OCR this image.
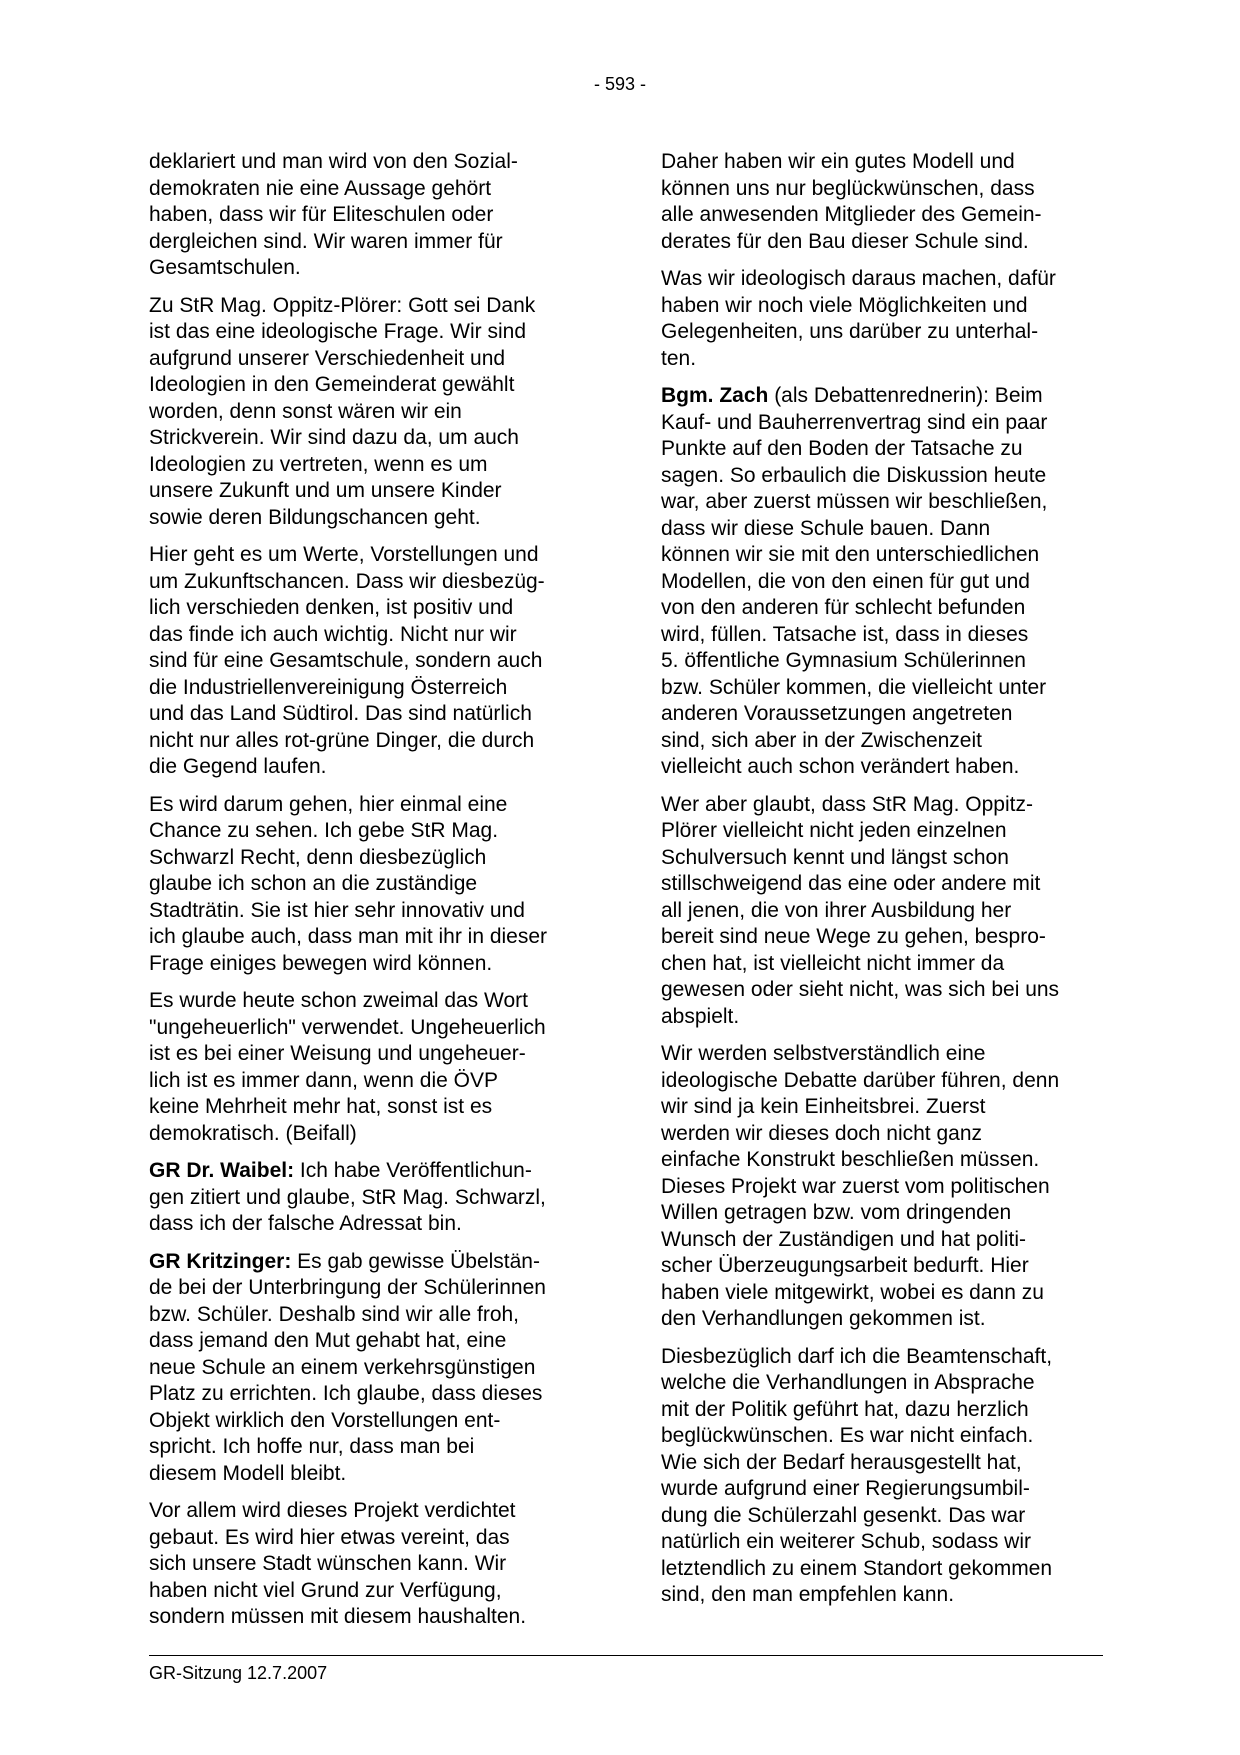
- 593 -

deklariert und man wird von den Sozial-
demokraten nie eine Aussage gehört
haben, dass wir für Eliteschulen oder
dergleichen sind. Wir waren immer für
Gesamtschulen.

Zu StR Mag. Oppitz-Plörer: Gott sei Dank
ist das eine ideologische Frage. Wir sind
aufgrund unserer Verschiedenheit und
Ideologien in den Gemeinderat gewählt
worden, denn sonst wären wir ein
Strickverein. Wir sind dazu da, um auch
Ideologien zu vertreten, wenn es um
unsere Zukunft und um unsere Kinder
sowie deren Bildungschancen geht.

Hier geht es um Werte, Vorstellungen und
um Zukunftschancen. Dass wir diesbezüg-
lich verschieden denken, ist positiv und
das finde ich auch wichtig. Nicht nur wir
sind für eine Gesamtschule, sondern auch
die Industriellenvereinigung Österreich
und das Land Südtirol. Das sind natürlich
nicht nur alles rot-grüne Dinger, die durch
die Gegend laufen.

Es wird darum gehen, hier einmal eine
Chance zu sehen. Ich gebe StR Mag.
Schwarzl Recht, denn diesbezüglich
glaube ich schon an die zuständige
Stadträtin. Sie ist hier sehr innovativ und
ich glaube auch, dass man mit ihr in dieser
Frage einiges bewegen wird können.

Es wurde heute schon zweimal das Wort
"ungeheuerlich" verwendet. Ungeheuerlich
ist es bei einer Weisung und ungeheuer-
lich ist es immer dann, wenn die ÖVP
keine Mehrheit mehr hat, sonst ist es
demokratisch. (Beifall)

GR Dr. Waibel: Ich habe Veröffentlichun-
gen zitiert und glaube, StR Mag. Schwarzl,
dass ich der falsche Adressat bin.

GR Kritzinger: Es gab gewisse Übelstän-
de bei der Unterbringung der Schülerinnen
bzw. Schüler. Deshalb sind wir alle froh,
dass jemand den Mut gehabt hat, eine
neue Schule an einem verkehrsgünstigen
Platz zu errichten. Ich glaube, dass dieses
Objekt wirklich den Vorstellungen ent-
spricht. Ich hoffe nur, dass man bei
diesem Modell bleibt.

Vor allem wird dieses Projekt verdichtet
gebaut. Es wird hier etwas vereint, das
sich unsere Stadt wünschen kann. Wir
haben nicht viel Grund zur Verfügung,
sondern müssen mit diesem haushalten.

Daher haben wir ein gutes Modell und
können uns nur beglückwünschen, dass
alle anwesenden Mitglieder des Gemein-
derates für den Bau dieser Schule sind.

Was wir ideologisch daraus machen, dafür
haben wir noch viele Möglichkeiten und
Gelegenheiten, uns darüber zu unterhal-
ten.

Bgm. Zach (als Debattenrednerin): Beim
Kauf- und Bauherrenvertrag sind ein paar
Punkte auf den Boden der Tatsache zu
sagen. So erbaulich die Diskussion heute
war, aber zuerst müssen wir beschließen,
dass wir diese Schule bauen. Dann
können wir sie mit den unterschiedlichen
Modellen, die von den einen für gut und
von den anderen für schlecht befunden
wird, füllen. Tatsache ist, dass in dieses
5. öffentliche Gymnasium Schülerinnen
bzw. Schüler kommen, die vielleicht unter
anderen Voraussetzungen angetreten
sind, sich aber in der Zwischenzeit
vielleicht auch schon verändert haben.

Wer aber glaubt, dass StR Mag. Oppitz-
Plörer vielleicht nicht jeden einzelnen
Schulversuch kennt und längst schon
stillschweigend das eine oder andere mit
all jenen, die von ihrer Ausbildung her
bereit sind neue Wege zu gehen, bespro-
chen hat, ist vielleicht nicht immer da
gewesen oder sieht nicht, was sich bei uns
abspielt.

Wir werden selbstverständlich eine
ideologische Debatte darüber führen, denn
wir sind ja kein Einheitsbrei. Zuerst
werden wir dieses doch nicht ganz
einfache Konstrukt beschließen müssen.
Dieses Projekt war zuerst vom politischen
Willen getragen bzw. vom dringenden
Wunsch der Zuständigen und hat politi-
scher Überzeugungsarbeit bedurft. Hier
haben viele mitgewirkt, wobei es dann zu
den Verhandlungen gekommen ist.

Diesbezüglich darf ich die Beamtenschaft,
welche die Verhandlungen in Absprache
mit der Politik geführt hat, dazu herzlich
beglückwünschen. Es war nicht einfach.
Wie sich der Bedarf herausgestellt hat,
wurde aufgrund einer Regierungsumbil-
dung die Schülerzahl gesenkt. Das war
natürlich ein weiterer Schub, sodass wir
letztendlich zu einem Standort gekommen
sind, den man empfehlen kann.

GR-Sitzung 12.7.2007
